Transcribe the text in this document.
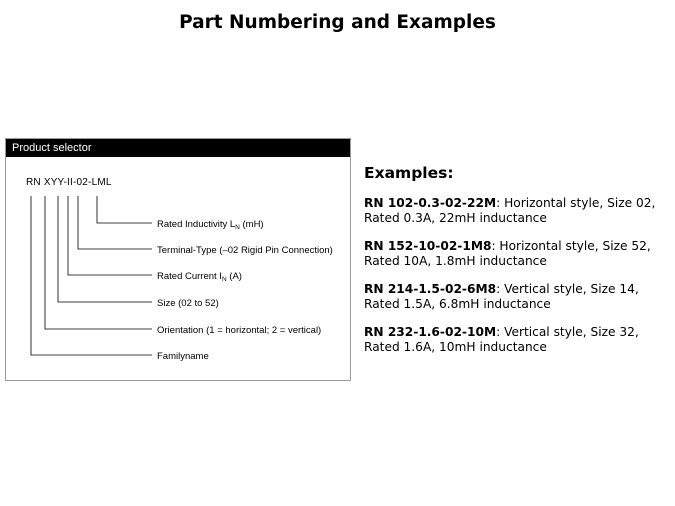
Part Numbering and Examples
Product selector
RN XYY-II-02-LML
Rated Inductivity $L_N$ (mH)
Terminal-Type (–02 Rigid Pin Connection)
Rated Current $I_N$ (A)
Size (02 to 52)
Orientation (1 = horizontal; 2 = vertical)
Familyname
Examples:
RN 102-0.3-02-22M: Horizontal style, Size 02, Rated 0.3A, 22mH inductance
RN 152-10-02-1M8: Horizontal style, Size 52, Rated 10A, 1.8mH inductance
RN 214-1.5-02-6M8: Vertical style, Size 14, Rated 1.5A, 6.8mH inductance
RN 232-1.6-02-10M: Vertical style, Size 32, Rated 1.6A, 10mH inductance
